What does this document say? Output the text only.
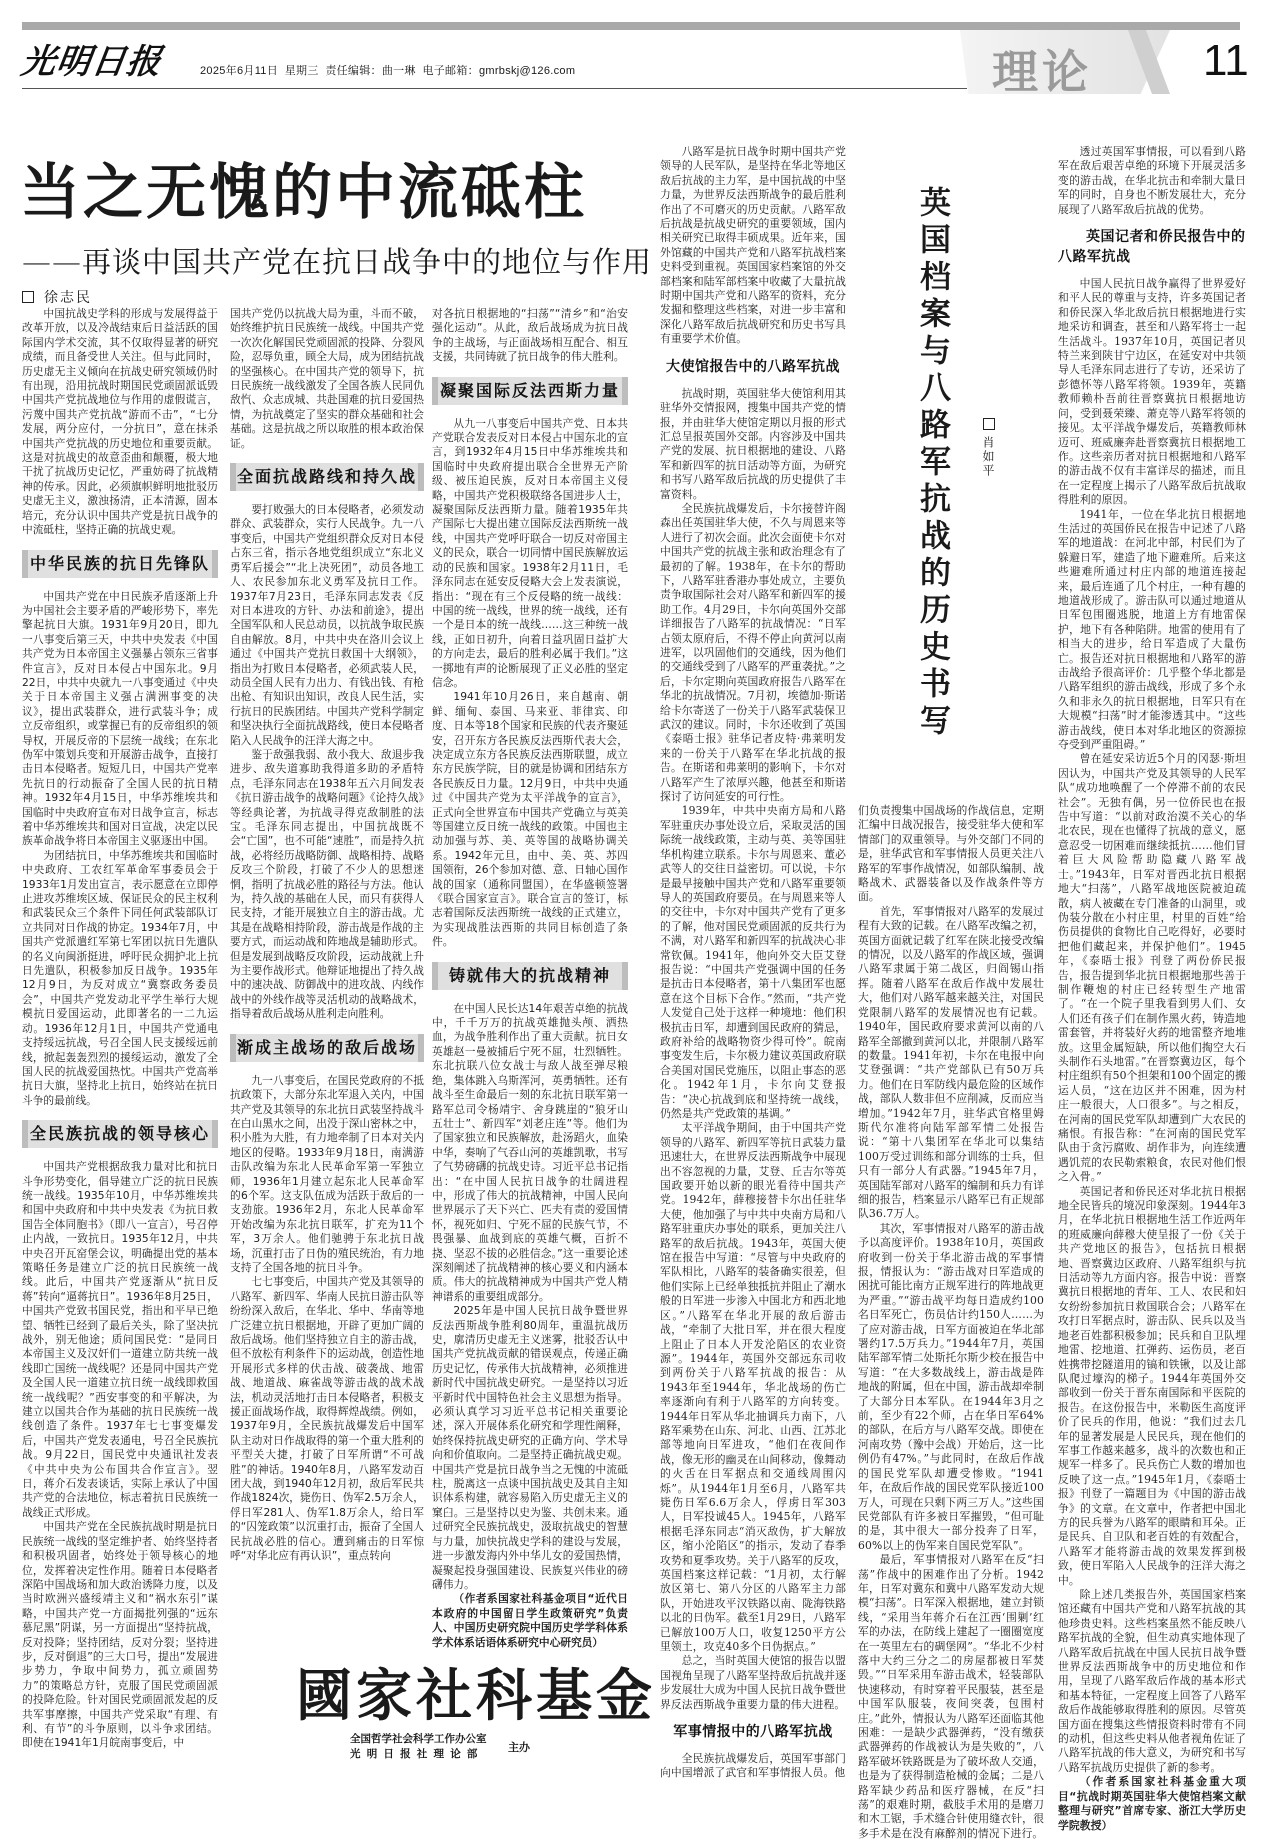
光明日报	2025年6月11日  星期三  责任编辑：曲一琳  电子邮箱：gmrbskj@126.com	理论	11
当之无愧的中流砥柱
——再谈中国共产党在抗日战争中的地位与作用
徐志民

中国抗战史学科的形成与发展得益于改革开放，以及冷战结束后日益活跃的国际国内学术交流，其不仅取得显著的研究成绩，而且备受世人关注。但与此同时，历史虚无主义倾向在抗战史研究领域仍时有出现，沿用抗战时期国民党顽固派诋毁中国共产党抗战地位与作用的虚假谎言，污蔑中国共产党抗战“游而不击”，“七分发展，两分应付，一分抗日”，意在抹杀中国共产党抗战的历史地位和重要贡献。这是对抗战史的故意歪曲和颠覆，极大地干扰了抗战历史记忆，严重妨碍了抗战精神的传承。因此，必须旗帜鲜明地批驳历史虚无主义，激浊扬清，正本清源，固本培元，充分认识中国共产党是抗日战争的中流砥柱，坚持正确的抗战史观。

中华民族的抗日先锋队

中国共产党在中日民族矛盾逐渐上升为中国社会主要矛盾的严峻形势下，率先擎起抗日大旗。1931年9月20日，即九一八事变后第三天，中共中央发表《中国共产党为日本帝国主义强暴占领东三省事件宣言》，反对日本侵占中国东北。9月22日，中共中央就九一八事变通过《中央关于日本帝国主义强占满洲事变的决议》，提出武装群众，进行武装斗争；成立反帝组织，或掌握已有的反帝组织的领导权，开展反帝的下层统一战线；在东北伪军中策划兵变和开展游击战争，直接打击日本侵略者。短短几日，中国共产党率先抗日的行动振奋了全国人民的抗日精神。1932年4月15日，中华苏维埃共和国临时中央政府宣布对日战争宣言，标志着中华苏维埃共和国对日宣战，决定以民族革命战争将日本帝国主义驱逐出中国。

为团结抗日，中华苏维埃共和国临时中央政府、工农红军革命军事委员会于1933年1月发出宣言，表示愿意在立即停止进攻苏维埃区域、保证民众的民主权利和武装民众三个条件下同任何武装部队订立共同对日作战的协定。1934年7月，中国共产党派遣红军第七军团以抗日先遣队的名义向闽浙挺进，呼吁民众拥护北上抗日先遣队，积极参加反日战争。1935年12月9日，为反对成立“冀察政务委员会”，中国共产党发动北平学生举行大规模抗日爱国运动，此即著名的一二九运动。1936年12月1日，中国共产党通电支持绥远抗战，号召全国人民支援绥远前线，掀起轰轰烈烈的援绥运动，激发了全国人民的抗战爱国热忱。中国共产党高举抗日大旗，坚持北上抗日，始终站在抗日斗争的最前线。

全民族抗战的领导核心

中国共产党根据敌我力量对比和抗日斗争形势变化，倡导建立广泛的抗日民族统一战线。1935年10月，中华苏维埃共和国中央政府和中共中央发表《为抗日救国告全体同胞书》（即八一宣言），号召停止内战，一致抗日。1935年12月，中共中央召开瓦窑堡会议，明确提出党的基本策略任务是建立广泛的抗日民族统一战线。此后，中国共产党逐渐从“抗日反蒋”转向“逼蒋抗日”。1936年8月25日，中国共产党致书国民党，指出和平早已绝望、牺牲已经到了最后关头，除了坚决抗战外，别无他途；质问国民党：“是同日本帝国主义及汉奸们一道建立防共统一战线即亡国统一战线呢？还是同中国共产党及全国人民一道建立抗日统一战线即救国统一战线呢？”西安事变的和平解决，为建立以国共合作为基础的抗日民族统一战线创造了条件。1937年七七事变爆发后，中国共产党发表通电，号召全民族抗战。9月22日，国民党中央通讯社发表《中共中央为公布国共合作宣言》。翌日，蒋介石发表谈话，实际上承认了中国共产党的合法地位，标志着抗日民族统一战线正式形成。

中国共产党在全民族抗战时期是抗日民族统一战线的坚定维护者、始终坚持者和积极巩固者，始终处于领导核心的地位，发挥着决定性作用。随着日本侵略者深陷中国战场和加大政治诱降力度，以及当时欧洲兴盛绥靖主义和“祸水东引”谋略，中国共产党一方面揭批列强的“远东慕尼黑”阴谋，另一方面提出“坚持抗战，反对投降；坚持团结，反对分裂；坚持进步，反对倒退”的三大口号，提出“发展进步势力，争取中间势力，孤立顽固势力”的策略总方针，克服了国民党顽固派的投降危险。针对国民党顽固派发起的反共军事摩擦，中国共产党采取“有理、有利、有节”的斗争原则，以斗争求团结。即使在1941年1月皖南事变后，中

国共产党仍以抗战大局为重，斗而不破，始终维护抗日民族统一战线。中国共产党一次次化解国民党顽固派的投降、分裂风险，忍辱负重，顾全大局，成为团结抗战的坚强核心。在中国共产党的领导下，抗日民族统一战线激发了全国各族人民同仇敌忾、众志成城、共赴国难的抗日爱国热情，为抗战奠定了坚实的群众基础和社会基础。这是抗战之所以取胜的根本政治保证。

全面抗战路线和持久战

要打败强大的日本侵略者，必须发动群众、武装群众，实行人民战争。九一八事变后，中国共产党组织群众反对日本侵占东三省，指示各地党组织成立“东北义勇军后援会”“北上决死团”，动员各地工人、农民参加东北义勇军及抗日工作。1937年7月23日，毛泽东同志发表《反对日本进攻的方针、办法和前途》，提出全国军队和人民总动员，以抗战争取民族自由解放。8月，中共中央在洛川会议上通过《中国共产党抗日救国十大纲领》，指出为打败日本侵略者，必须武装人民，动员全国人民有力出力、有钱出钱、有枪出枪、有知识出知识，改良人民生活，实行抗日的民族团结。中国共产党科学制定和坚决执行全面抗战路线，使日本侵略者陷入人民战争的汪洋大海之中。

鉴于敌强我弱、敌小我大、敌退步我进步、敌失道寡助我得道多助的矛盾特点，毛泽东同志在1938年五六月间发表《抗日游击战争的战略问题》《论持久战》等经典论著，为抗战寻得克敌制胜的法宝。毛泽东同志提出，中国抗战既不会“亡国”，也不可能“速胜”，而是持久抗战，必将经历战略防御、战略相持、战略反攻三个阶段，打破了不少人的思想迷惘，指明了抗战必胜的路径与方法。他认为，持久战的基础在人民，而只有获得人民支持，才能开展独立自主的游击战。尤其是在战略相持阶段，游击战是作战的主要方式，而运动战和阵地战是辅助形式。但是发展到战略反攻阶段，运动战就上升为主要作战形式。他辩证地提出了持久战中的速决战、防御战中的进攻战、内线作战中的外线作战等灵活机动的战略战术，指导着敌后战场从胜利走向胜利。

渐成主战场的敌后战场

九一八事变后，在国民党政府的不抵抗政策下，大部分东北军退入关内，中国共产党及其领导的东北抗日武装坚持战斗在白山黑水之间，出没于深山密林之中，积小胜为大胜，有力地牵制了日本对关内地区的侵略。1933年9月18日，南满游击队改编为东北人民革命军第一军独立师，1936年1月建立起东北人民革命军的6个军。这支队伍成为活跃于敌后的一支劲旅。1936年2月，东北人民革命军开始改编为东北抗日联军，扩充为11个军，3万余人。他们驰骋于东北抗日战场，沉重打击了日伪的殖民统治，有力地支持了全国各地的抗日斗争。

七七事变后，中国共产党及其领导的八路军、新四军、华南人民抗日游击队等纷纷深入敌后，在华北、华中、华南等地广泛建立抗日根据地，开辟了更加广阔的敌后战场。他们坚持独立自主的游击战，但不放松有利条件下的运动战，创造性地开展形式多样的伏击战、破袭战、地雷战、地道战、麻雀战等游击战的战术战法，机动灵活地打击日本侵略者，积极支援正面战场作战，取得辉煌战绩。例如，1937年9月，全民族抗战爆发后中国军队主动对日作战取得的第一个重大胜利的平型关大捷，打破了日军所谓“不可战胜”的神话。1940年8月，八路军发动百团大战，到1940年12月初，敌后军民共作战1824次，毙伤日、伪军2.5万余人，俘日军281人、伪军1.8万余人，给日军的“囚笼政策”以沉重打击，振奋了全国人民抗战必胜的信心。遭到痛击的日军惊呼“对华北应有再认识”，重点转向

对各抗日根据地的“扫荡”“清乡”和“治安强化运动”。从此，敌后战场成为抗日战争的主战场，与正面战场相互配合、相互支援，共同铸就了抗日战争的伟大胜利。

凝聚国际反法西斯力量

从九一八事变后中国共产党、日本共产党联合发表反对日本侵占中国东北的宣言，到1932年4月15日中华苏维埃共和国临时中央政府提出联合全世界无产阶级、被压迫民族，反对日本帝国主义侵略，中国共产党积极联络各国进步人士，凝聚国际反法西斯力量。随着1935年共产国际七大提出建立国际反法西斯统一战线，中国共产党呼吁联合一切反对帝国主义的民众，联合一切同情中国民族解放运动的民族和国家。1938年2月11日，毛泽东同志在延安反侵略大会上发表演说，指出：“现在有三个反侵略的统一战线：中国的统一战线，世界的统一战线，还有一个是日本的统一战线……这三种统一战线，正如日初升，向着日益巩固日益扩大的方向走去，最后的胜利必属于我们。”这一掷地有声的论断展现了正义必胜的坚定信念。

1941年10月26日，来自越南、朝鲜、缅甸、泰国、马来亚、菲律宾、印度、日本等18个国家和民族的代表齐聚延安，召开东方各民族反法西斯代表大会，决定成立东方各民族反法西斯联盟，成立东方民族学院，目的就是协调和团结东方各民族反日力量。12月9日，中共中央通过《中国共产党为太平洋战争的宣言》，正式向全世界宣布中国共产党确立与英美等国建立反日统一战线的政策。中国也主动加强与苏、美、英等国的战略协调关系。1942年元旦，由中、美、英、苏四国领衔，26个参加对德、意、日轴心国作战的国家（通称同盟国），在华盛顿签署《联合国家宣言》。联合宣言的签订，标志着国际反法西斯统一战线的正式建立，为实现战胜法西斯的共同目标创造了条件。

铸就伟大的抗战精神

在中国人民长达14年艰苦卓绝的抗战中，千千万万的抗战英雄抛头颅、洒热血，为战争胜利作出了重大贡献。抗日女英雄赵一曼被捕后宁死不屈，壮烈牺牲。东北抗联八位女战士与敌人战至弹尽粮绝，集体跳入乌斯浑河，英勇牺牲。还有战斗至生命最后一刻的东北抗日联军第一路军总司令杨靖宇、舍身跳崖的“狼牙山五壮士”、新四军“刘老庄连”等。他们为了国家独立和民族解放，赴汤蹈火，血染中华，奏响了气吞山河的英雄凯歌，书写了气势磅礴的抗战史诗。习近平总书记指出：“在中国人民抗日战争的壮阔进程中，形成了伟大的抗战精神，中国人民向世界展示了天下兴亡、匹夫有责的爱国情怀，视死如归、宁死不屈的民族气节，不畏强暴、血战到底的英雄气概，百折不挠、坚忍不拔的必胜信念。”这一重要论述深刻阐述了抗战精神的核心要义和内涵本质。伟大的抗战精神成为中国共产党人精神谱系的重要组成部分。

2025年是中国人民抗日战争暨世界反法西斯战争胜利80周年，重温抗战历史，廓清历史虚无主义迷雾，批驳否认中国共产党抗战贡献的错误观点，传递正确历史记忆，传承伟大抗战精神，必须推进新时代中国抗战史研究。一是坚持以习近平新时代中国特色社会主义思想为指导。必须认真学习习近平总书记相关重要论述，深入开展体系化研究和学理性阐释，始终保持抗战史研究的正确方向、学术导向和价值取向。二是坚持正确抗战史观。中国共产党是抗日战争当之无愧的中流砥柱，脱离这一点谈中国抗战史及其自主知识体系构建，就容易陷入历史虚无主义的窠臼。三是坚持以史为鉴、共创未来。通过研究全民族抗战史，汲取抗战史的智慧与力量，加快抗战史学科的建设与发展，进一步激发海内外中华儿女的爱国热情，凝聚起投身强国建设、民族复兴伟业的磅礴伟力。

（作者系国家社科基金项目“近代日本政府的中国留日学生政策研究”负责人、中国历史研究院中国历史学学科体系学术体系话语体系研究中心研究员）

國家社科基金
全国哲学社会科学工作办公室
光明日报社理论部 主办
英国档案与八路军抗战的历史书写	肖如平

八路军是抗日战争时期中国共产党领导的人民军队，是坚持在华北等地区敌后抗战的主力军，是中国抗战的中坚力量，为世界反法西斯战争的最后胜利作出了不可磨灭的历史贡献。八路军敌后抗战是抗战史研究的重要领域，国内相关研究已取得丰硕成果。近年来，国外馆藏的中国共产党和八路军抗战档案史料受到重视。英国国家档案馆的外交部档案和陆军部档案中收藏了大量抗战时期中国共产党和八路军的资料，充分发掘和整理这些档案，对进一步丰富和深化八路军敌后抗战研究和历史书写具有重要学术价值。

大使馆报告中的八路军抗战

抗战时期，英国驻华大使馆利用其驻华外交情报网，搜集中国共产党的情报，并由驻华大使馆定期以月报的形式汇总呈报英国外交部。内容涉及中国共产党的发展、抗日根据地的建设、八路军和新四军的抗日活动等方面，为研究和书写八路军敌后抗战的历史提供了丰富资料。

全民族抗战爆发后，卡尔接替许阁森出任英国驻华大使，不久与周恩来等人进行了初次会面。此次会面使卡尔对中国共产党的抗战主张和政治理念有了最初的了解。1938年，在卡尔的帮助下，八路军驻香港办事处成立，主要负责争取国际社会对八路军和新四军的援助工作。4月29日，卡尔向英国外交部详细报告了八路军的抗战情况：“日军占领太原府后，不得不停止向黄河以南进军，以巩固他们的交通线，因为他们的交通线受到了八路军的严重袭扰。”之后，卡尔定期向英国政府报告八路军在华北的抗战情况。7月初，埃德加·斯诺给卡尔寄送了一份关于八路军武装保卫武汉的建议。同时，卡尔还收到了英国《泰晤士报》驻华记者皮特·弗莱明发来的一份关于八路军在华北抗战的报告。在斯诺和弗莱明的影响下，卡尔对八路军产生了浓厚兴趣，他甚至和斯诺探讨了访问延安的可行性。

1939年，中共中央南方局和八路军驻重庆办事处设立后，采取灵活的国际统一战线政策，主动与英、美等国驻华机构建立联系。卡尔与周恩来、董必武等人的交往日益密切。可以说，卡尔是最早接触中国共产党和八路军重要领导人的英国政府要员。在与周恩来等人的交往中，卡尔对中国共产党有了更多的了解，他对国民党顽固派的反共行为不满，对八路军和新四军的抗战决心非常钦佩。1941年，他向外交大臣艾登报告说：“中国共产党强调中国的任务是抗击日本侵略者，第十八集团军也愿意在这个目标下合作。”然而，“共产党人发觉自己处于这样一种境地：他们积极抗击日军，却遭到国民政府的猜忌，政府补给的战略物资少得可怜”。皖南事变发生后，卡尔极力建议英国政府联合美国对国民党施压，以阻止事态的恶化。1942年1月，卡尔向艾登报告：“决心抗战到底和坚持统一战线，仍然是共产党政策的基调。”

太平洋战争期间，由于中国共产党领导的八路军、新四军等抗日武装力量迅速壮大，在世界反法西斯战争中展现出不容忽视的力量，艾登、丘吉尔等英国政要开始以新的眼光看待中国共产党。1942年，薛穆接替卡尔出任驻华大使，他加强了与中共中央南方局和八路军驻重庆办事处的联系，更加关注八路军的敌后抗战。1943年，英国大使馆在报告中写道：“尽管与中央政府的军队相比，八路军的装备确实很差，但他们实际上已经单独抵抗并阻止了潮水般的日军进一步渗入中国北方和西北地区。”八路军在华北开展的敌后游击战，“牵制了大批日军，并在很大程度上阻止了日本人开发沦陷区的农业资源”。1944年，英国外交部远东司收到两份关于八路军抗战的报告：从1943年至1944年，华北战场的伤亡率逐渐向有利于八路军的方向转变。1944年日军从华北抽调兵力南下，八路军乘势在山东、河北、山西、江苏北部等地向日军进攻，“他们在夜间作战，像无形的幽灵在山间移动，像舞动的火舌在日军据点和交通线周围闪烁”。从1944年1月至6月，八路军共毙伤日军6.6万余人，俘虏日军303人，日军投诚45人。1945年，八路军根据毛泽东同志“消灭敌伪，扩大解放区，缩小沦陷区”的指示，发动了春季攻势和夏季攻势。关于八路军的反攻，英国档案这样记载：“1月初，太行解放区第七、第八分区的八路军主力部队，开始进攻平汉铁路以南、陇海铁路以北的日伪军。截至1月29日，八路军已解放100万人口，收复1250平方公里领土，攻克40多个日伪据点。”

总之，当时英国大使馆的报告以盟国视角呈现了八路军坚持敌后抗战并逐步发展壮大成为中国人民抗日战争暨世界反法西斯战争重要力量的伟大进程。

军事情报中的八路军抗战

全民族抗战爆发后，英国军事部门向中国增派了武官和军事情报人员。他

们负责搜集中国战场的作战信息，定期汇编中日战况报告，接受驻华大使和军情部门的双重领导。与外交部门不同的是，驻华武官和军事情报人员更关注八路军的军事作战情况，如部队编制、战略战术、武器装备以及作战条件等方面。

首先，军事情报对八路军的发展过程有大致的记载。在八路军改编之初，英国方面就记载了红军在陕北接受改编的情况，以及八路军的作战区域，强调八路军隶属于第二战区，归阎锡山指挥。随着八路军在敌后作战中发展壮大，他们对八路军越来越关注，对国民党限制八路军的发展情况也有记载。1940年，国民政府要求黄河以南的八路军全部撤到黄河以北，并限制八路军的数量。1941年初，卡尔在电报中向艾登强调：“共产党部队已有50万兵力。他们在日军防线内最危险的区域作战，部队人数非但不应削减，反而应当增加。”1942年7月，驻华武官格里姆斯代尔准将向陆军部军情二处报告说：“第十八集团军在华北可以集结100万受过训练和部分训练的士兵，但只有一部分人有武器。”1945年7月，英国陆军部对八路军的编制和兵力有详细的报告，档案显示八路军已有正规部队36.7万人。

其次，军事情报对八路军的游击战予以高度评价。1938年10月，英国政府收到一份关于华北游击战的军事情报，情报认为：“游击战对日军造成的困扰可能比南方正规军进行的阵地战更为严重。”“游击战平均每日造成约100名日军死亡，伤员估计约150人……为了应对游击战，日军方面被迫在华北部署约17.5万兵力。”1944年7月，英国陆军部军情二处斯托尔斯少校在报告中写道：“在大多数战线上，游击战是阵地战的附属，但在中国，游击战却牵制了大部分日本军队。在1944年3月之前，至少有22个师，占在华日军64%的部队，在后方与八路军交战。即使在河南攻势（豫中会战）开始后，这一比例仍有47%。”与此同时，在敌后作战的国民党军队却遭受惨败。“1941年，在敌后作战的国民党军队接近100万人，可现在只剩下两三万人。”这些国民党部队有许多被日军摧毁，“但可耻的是，其中很大一部分投奔了日军，60%以上的伪军来自国民党军队”。

最后，军事情报对八路军在反“扫荡”作战中的困难作出了分析。1942年，日军对冀东和冀中八路军发动大规模“扫荡”。日军深入根据地，建立封锁线，“采用当年蒋介石在江西‘围剿’红军的办法，在防线上建起了一圈圈宽度在一英里左右的碉堡网”。“华北不少村落中大约三分之二的房屋都被日军焚毁。”“日军采用车游击战术，轻装部队快速移动，有时穿着平民服装，甚至是中国军队服装，夜间突袭，包围村庄。”此外，情报认为八路军还面临其他困难：一是缺少武器弹药，“没有缴获武器弹药的作战被认为是失败的”，八路军破坏铁路既是为了破坏敌人交通，也是为了获得制造枪械的金属；二是八路军缺少药品和医疗器械，在反“扫荡”的艰难时期，截肢手术用的是磨刀和木工锯，手术缝合针使用缝衣针，很多手术是在没有麻醉剂的情况下进行。

透过英国军事情报，可以看到八路军在敌后艰苦卓绝的环境下开展灵活多变的游击战，在华北抗击和牵制大量日军的同时，自身也不断发展壮大，充分展现了八路军敌后抗战的优势。

英国记者和侨民报告中的八路军抗战

中国人民抗日战争赢得了世界爱好和平人民的尊重与支持，许多英国记者和侨民深入华北敌后抗日根据地进行实地采访和调查，甚至和八路军将士一起生活战斗。1937年10月，英国记者贝特兰来到陕甘宁边区，在延安对中共领导人毛泽东同志进行了专访，还采访了彭德怀等八路军将领。1939年，英籍教师赖朴吾前往晋察冀抗日根据地访问，受到聂荣臻、萧克等八路军将领的接见。太平洋战争爆发后，英籍教师林迈可、班威廉奔赴晋察冀抗日根据地工作。这些亲历者对抗日根据地和八路军的游击战不仅有丰富详尽的描述，而且在一定程度上揭示了八路军敌后抗战取得胜利的原因。

1941年，一位在华北抗日根据地生活过的英国侨民在报告中记述了八路军的地道战：在河北中部，村民们为了躲避日军，建造了地下避难所。后来这些避难所通过村庄内部的地道连接起来，最后连通了几个村庄，一种有趣的地道战形成了。游击队可以通过地道从日军包围圈逃脱，地道上方有地雷保护，地下有各种陷阱。地雷的使用有了相当大的进步，给日军造成了大量伤亡。报告还对抗日根据地和八路军的游击战给予很高评价：几乎整个华北都是八路军组织的游击战线，形成了多个永久和非永久的抗日根据地，日军只有在大规模“扫荡”时才能渗透其中。“这些游击战线，使日本对华北地区的资源掠夺受到严重阻碍。”

曾在延安采访近5个月的冈瑟·斯坦因认为，中国共产党及其领导的人民军队“成功地唤醒了一个停滞不前的农民社会”。无独有偶，另一位侨民也在报告中写道：“以前对政治漠不关心的华北农民，现在也懂得了抗战的意义，愿意忍受一切困难而继续抵抗……他们冒着巨大风险帮助隐藏八路军战士。”1943年，日军对晋西北抗日根据地大“扫荡”，八路军战地医院被迫疏散，病人被藏在专门准备的山洞里，或伪装分散在小村庄里，村里的百姓“给伤员提供的食物比自己吃得好，必要时把他们藏起来，并保护他们”。1945年，《泰晤士报》刊登了两份侨民报告，报告提到华北抗日根据地那些善于制作鞭炮的村庄已经转型生产地雷了。“在一个院子里我看到男人们、女人们还有孩子们在制作黑火药，铸造地雷套管，并将装好火药的地雷整齐地堆放。这里金属短缺，所以他们掏空大石头制作石头地雷。”在晋察冀边区，每个村庄组织有50个担架和100个固定的搬运人员，“这在边区并不困难，因为村庄一般很大，人口很多”。与之相反，在河南的国民党军队却遭到广大农民的痛恨。有报告称：“在河南的国民党军队由于贪污腐败、胡作非为，向连续遭遇饥荒的农民勒索粮食，农民对他们恨之入骨。”

英国记者和侨民还对华北抗日根据地全民皆兵的境况印象深刻。1944年3月，在华北抗日根据地生活工作近两年的班威廉向薛穆大使呈报了一份《关于共产党地区的报告》，包括抗日根据地、晋察冀边区政府、八路军组织与抗日活动等九方面内容。报告中说：晋察冀抗日根据地的青年、工人、农民和妇女纷纷参加抗日救国联合会；八路军在攻打日军据点时，游击队、民兵以及当地老百姓都积极参加；民兵和自卫队埋地雷、挖地道、扛弹药、运伤员，老百姓携带挖隧道用的镐和铁锹，以及让部队爬过壕沟的梯子。1944年英国外交部收到一份关于晋东南国际和平医院的报告。在这份报告中，米勒医生高度评价了民兵的作用，他说：“我们过去几年的显著发展是人民民兵，现在他们的军事工作越来越多，战斗的次数也和正规军一样多了。民兵伤亡人数的增加也反映了这一点。”1945年1月，《泰晤士报》刊登了一篇题目为《中国的游击战争》的文章。在文章中，作者把中国北方的民兵誉为八路军的眼睛和耳朵。正是民兵、自卫队和老百姓的有效配合，八路军才能将游击战的效果发挥到极致，使日军陷入人民战争的汪洋大海之中。

除上述几类报告外，英国国家档案馆还藏有中国共产党和八路军抗战的其他珍贵史料。这些档案虽然不能反映八路军抗战的全貌，但生动真实地体现了八路军敌后抗战在中国人民抗日战争暨世界反法西斯战争中的历史地位和作用，呈现了八路军敌后作战的基本形式和基本特征，一定程度上回答了八路军敌后作战能够取得胜利的原因。尽管英国方面在搜集这些情报资料时带有不同的动机，但这些史料从他者视角佐证了八路军抗战的伟大意义，为研究和书写八路军抗战历史提供了新的参考。

（作者系国家社科基金重大项目“抗战时期英国驻华大使馆档案文献整理与研究”首席专家、浙江大学历史学院教授）
